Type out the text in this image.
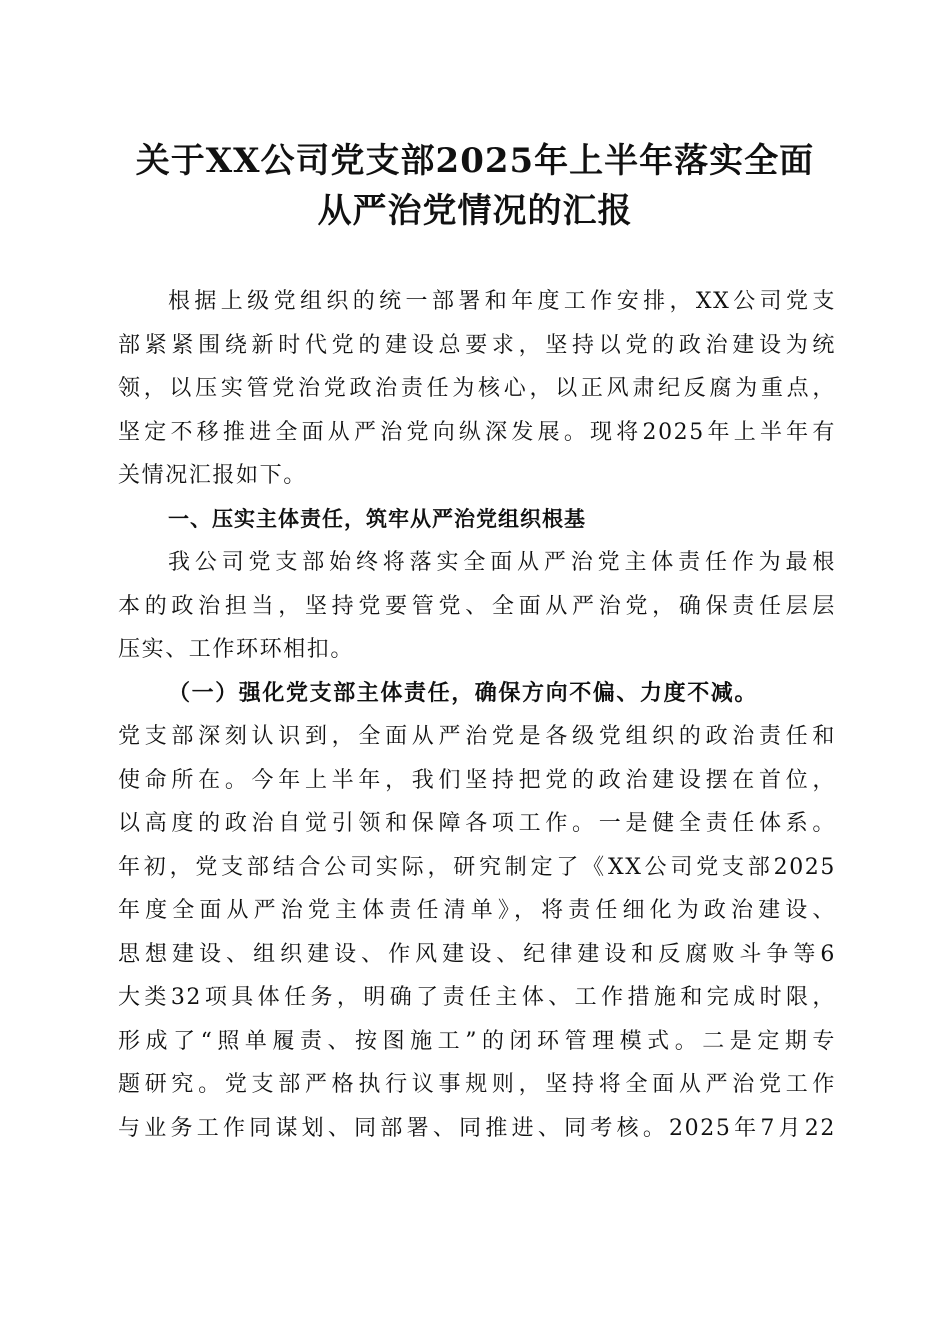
关于XX公司党支部2025年上半年落实全面
从严治党情况的汇报
根据上级党组织的统一部署和年度工作安排，XX公司党支
部紧紧围绕新时代党的建设总要求，坚持以党的政治建设为统
领，以压实管党治党政治责任为核心，以正风肃纪反腐为重点，
坚定不移推进全面从严治党向纵深发展。现将2025年上半年有
关情况汇报如下。
一、压实主体责任，筑牢从严治党组织根基
我公司党支部始终将落实全面从严治党主体责任作为最根
本的政治担当，坚持党要管党、全面从严治党，确保责任层层
压实、工作环环相扣。
（一）强化党支部主体责任，确保方向不偏、力度不减。
党支部深刻认识到，全面从严治党是各级党组织的政治责任和
使命所在。今年上半年，我们坚持把党的政治建设摆在首位，
以高度的政治自觉引领和保障各项工作。一是健全责任体系。
年初，党支部结合公司实际，研究制定了《XX公司党支部2025
年度全面从严治党主体责任清单》，将责任细化为政治建设、
思想建设、组织建设、作风建设、纪律建设和反腐败斗争等6
大类32项具体任务，明确了责任主体、工作措施和完成时限，
形成了“照单履责、按图施工”的闭环管理模式。二是定期专
题研究。党支部严格执行议事规则，坚持将全面从严治党工作
与业务工作同谋划、同部署、同推进、同考核。2025年7月22
